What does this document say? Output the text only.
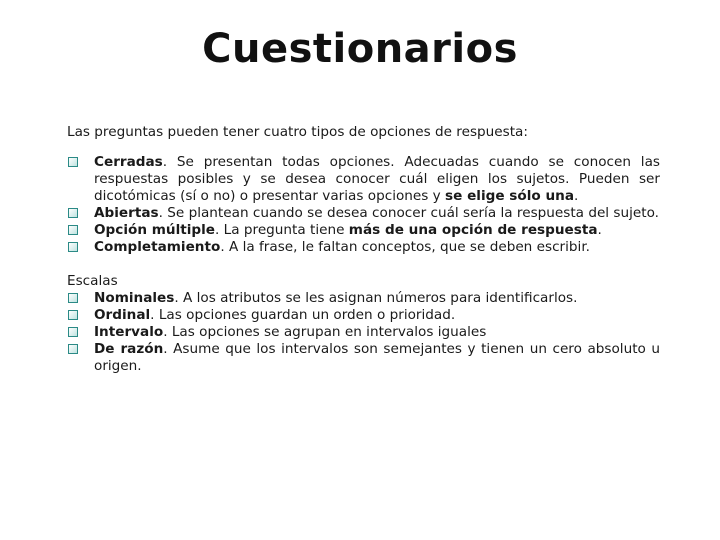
Cuestionarios

Las preguntas pueden tener cuatro tipos de opciones de respuesta:

Cerradas. Se presentan todas opciones. Adecuadas cuando se conocen las respuestas posibles y se desea conocer cuál eligen los sujetos. Pueden ser dicotómicas (sí o no) o presentar varias opciones y se elige sólo una.
Abiertas. Se plantean cuando se desea conocer cuál sería la respuesta del sujeto.
Opción múltiple. La pregunta tiene más de una opción de respuesta.
Completamiento. A la frase, le faltan conceptos, que se deben escribir.

Escalas

Nominales. A los atributos se les asignan números para identificarlos.
Ordinal. Las opciones guardan un orden o prioridad.
Intervalo. Las opciones se agrupan en intervalos iguales
De razón. Asume que los intervalos son semejantes y tienen un cero absoluto u origen.
